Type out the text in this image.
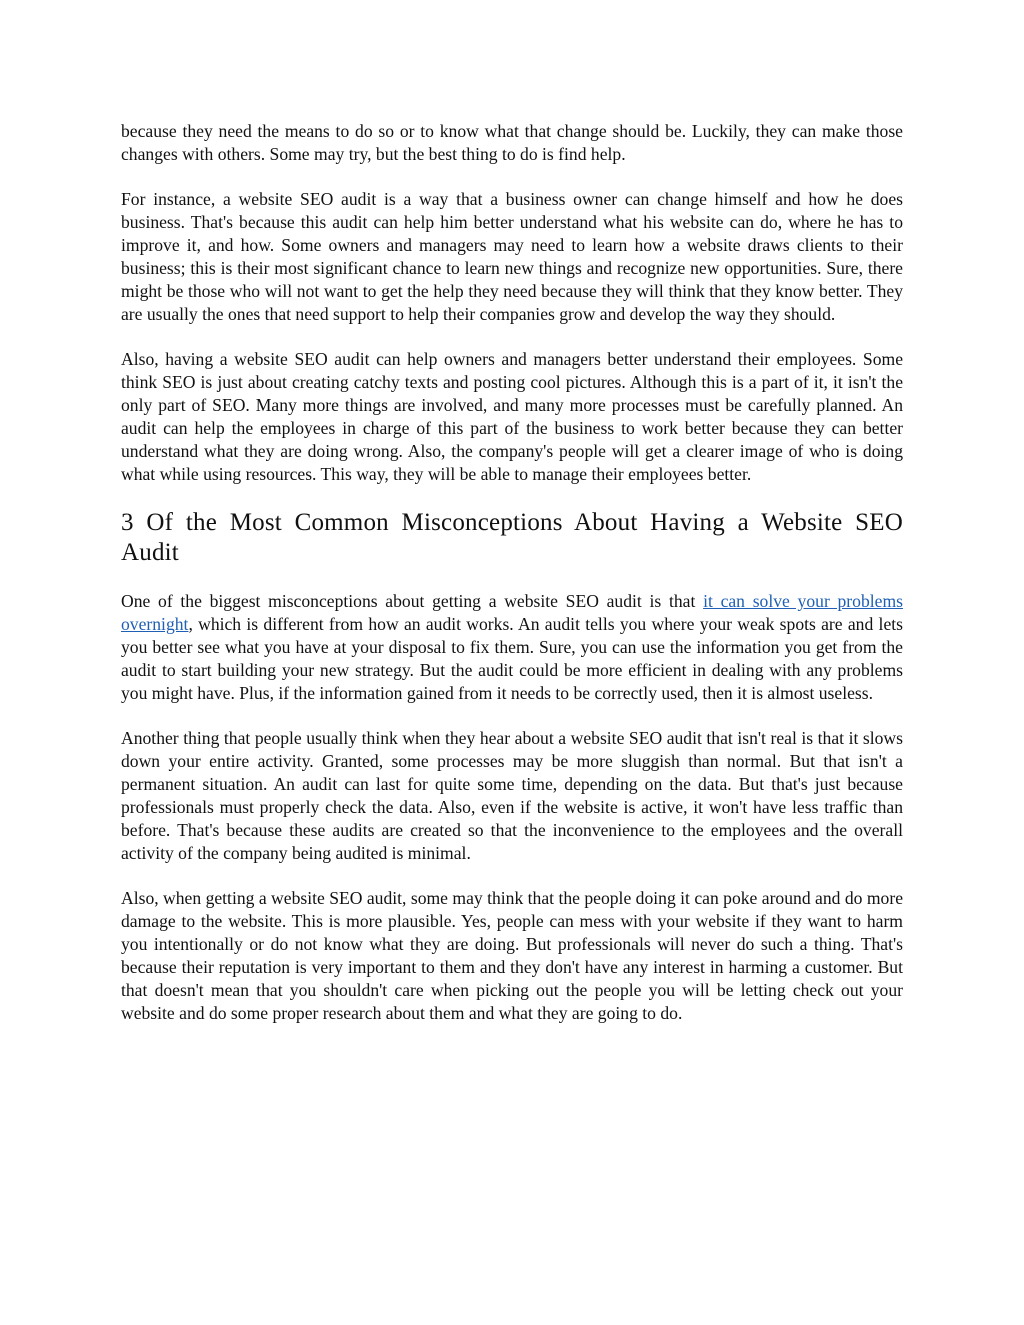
because they need the means to do so or to know what that change should be. Luckily, they can make those changes with others. Some may try, but the best thing to do is find help.

For instance, a website SEO audit is a way that a business owner can change himself and how he does business. That's because this audit can help him better understand what his website can do, where he has to improve it, and how. Some owners and managers may need to learn how a website draws clients to their business; this is their most significant chance to learn new things and recognize new opportunities. Sure, there might be those who will not want to get the help they need because they will think that they know better. They are usually the ones that need support to help their companies grow and develop the way they should.

Also, having a website SEO audit can help owners and managers better understand their employees. Some think SEO is just about creating catchy texts and posting cool pictures. Although this is a part of it, it isn't the only part of SEO. Many more things are involved, and many more processes must be carefully planned. An audit can help the employees in charge of this part of the business to work better because they can better understand what they are doing wrong. Also, the company's people will get a clearer image of who is doing what while using resources. This way, they will be able to manage their employees better.

3 Of the Most Common Misconceptions About Having a Website SEO Audit

One of the biggest misconceptions about getting a website SEO audit is that it can solve your problems overnight, which is different from how an audit works. An audit tells you where your weak spots are and lets you better see what you have at your disposal to fix them. Sure, you can use the information you get from the audit to start building your new strategy. But the audit could be more efficient in dealing with any problems you might have. Plus, if the information gained from it needs to be correctly used, then it is almost useless.

Another thing that people usually think when they hear about a website SEO audit that isn't real is that it slows down your entire activity. Granted, some processes may be more sluggish than normal. But that isn't a permanent situation. An audit can last for quite some time, depending on the data. But that's just because professionals must properly check the data. Also, even if the website is active, it won't have less traffic than before. That's because these audits are created so that the inconvenience to the employees and the overall activity of the company being audited is minimal.

Also, when getting a website SEO audit, some may think that the people doing it can poke around and do more damage to the website. This is more plausible. Yes, people can mess with your website if they want to harm you intentionally or do not know what they are doing. But professionals will never do such a thing. That's because their reputation is very important to them and they don't have any interest in harming a customer. But that doesn't mean that you shouldn't care when picking out the people you will be letting check out your website and do some proper research about them and what they are going to do.
